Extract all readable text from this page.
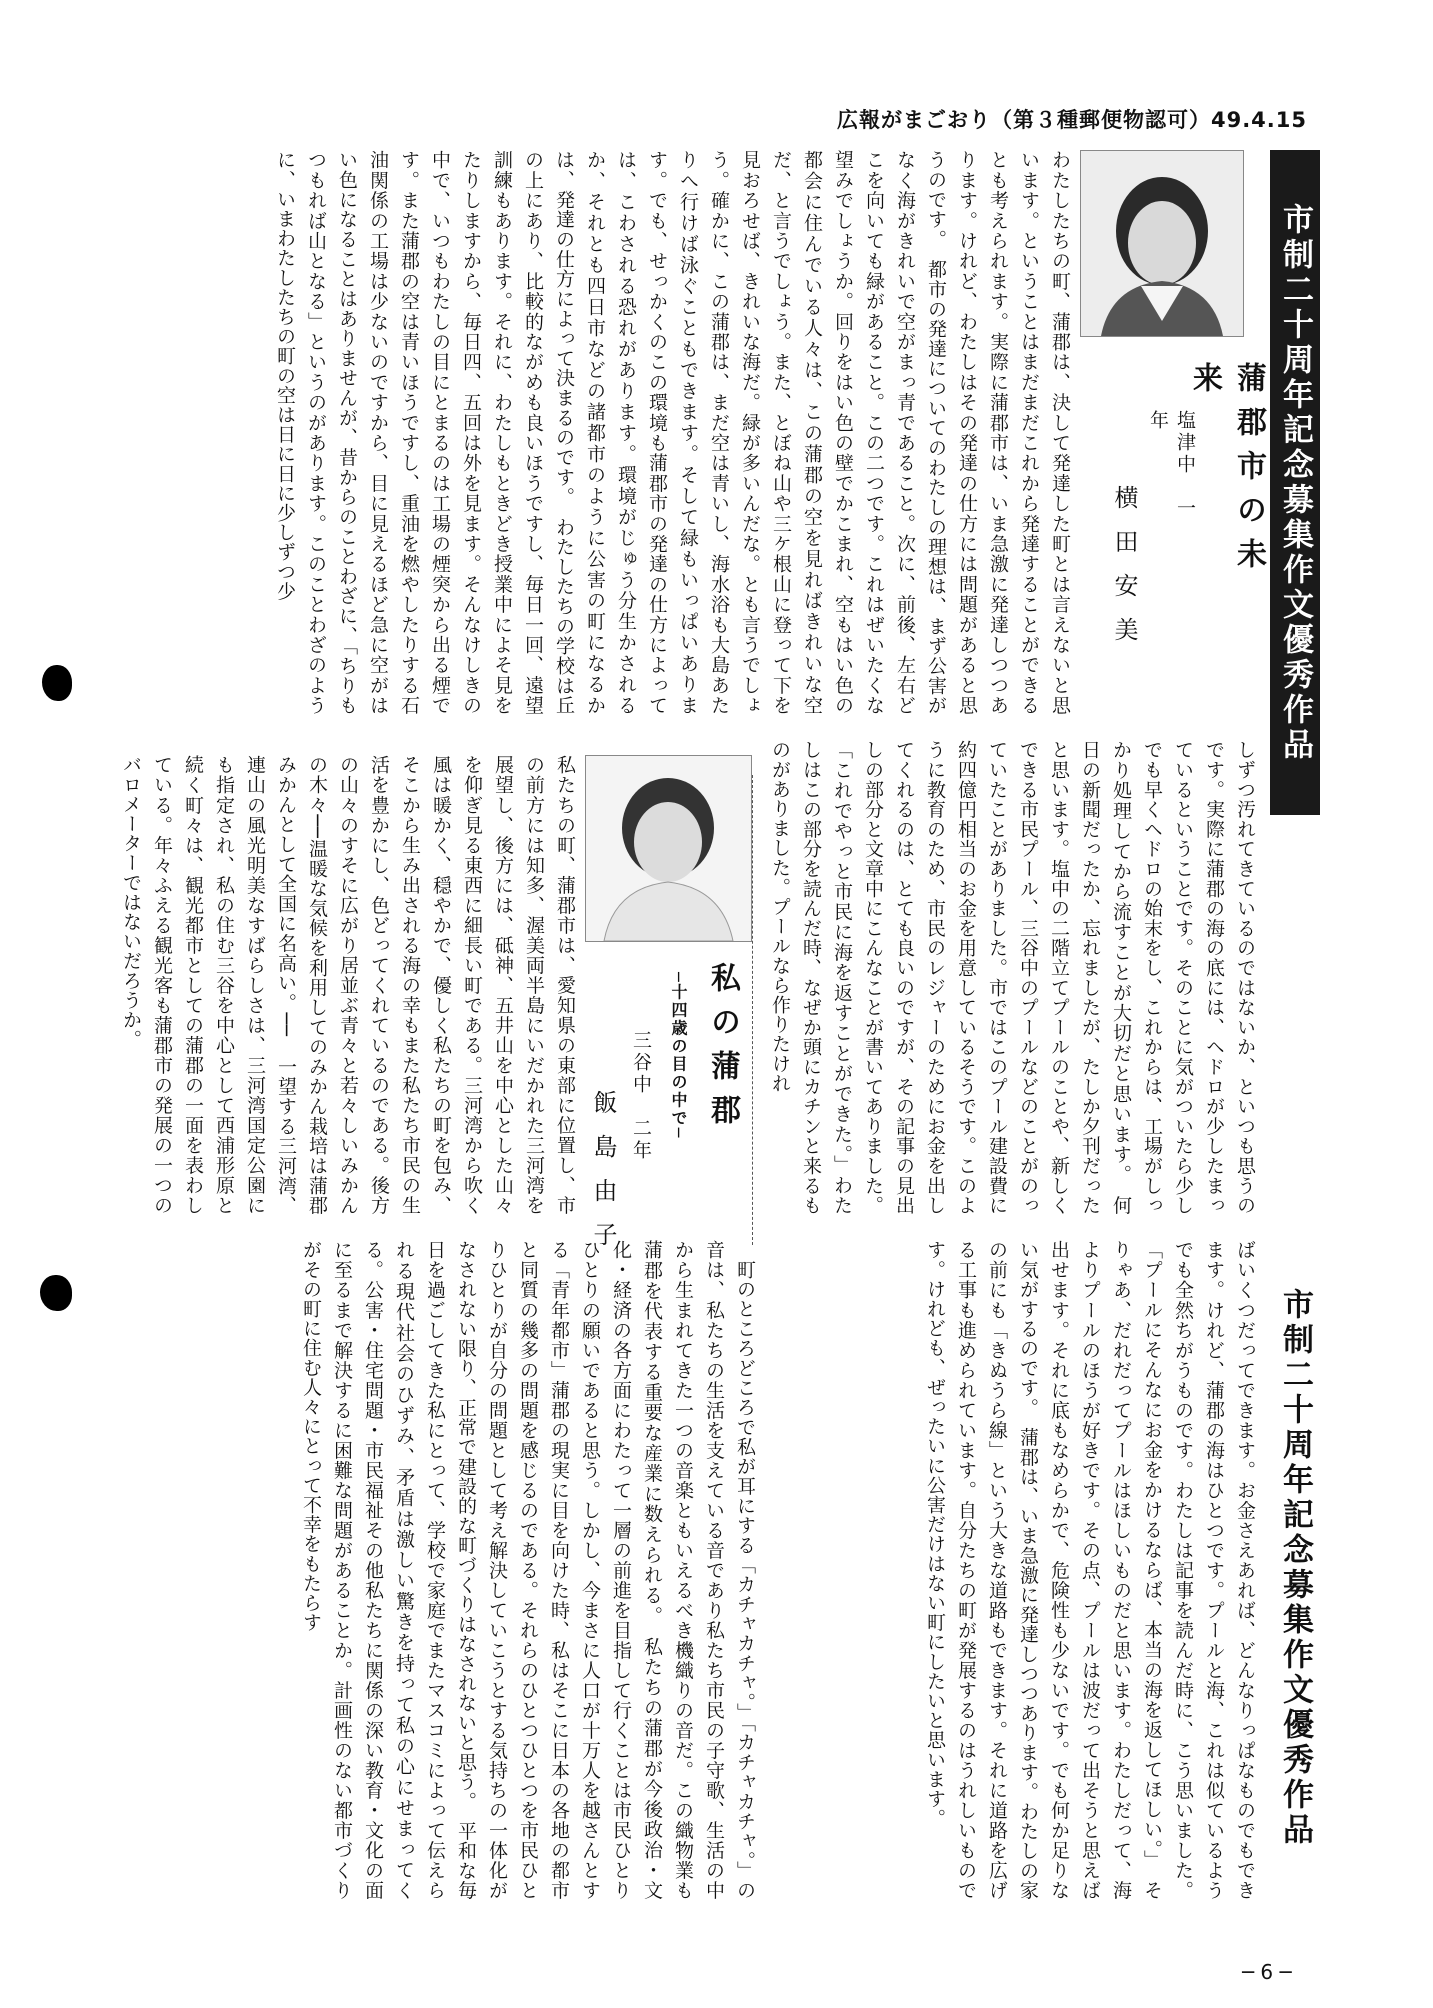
広報がまごおり（第３種郵便物認可）49.4.15
市制二十周年記念募集作文優秀作品
市制二十周年記念募集作文優秀作品
蒲郡市の未来
塩津中　一年
横田安美
わたしたちの町、蒲郡は、決して発達した町とは言えないと思います。ということはまだまだこれから発達することができるとも考えられます。実際に蒲郡市は、いま急激に発達しつつあります。けれど、わたしはその発達の仕方には問題があると思うのです。　都市の発達についてのわたしの理想は、まず公害がなく海がきれいで空がまっ青であること。次に、前後、左右どこを向いても緑があること。この二つです。これはぜいたくな望みでしょうか。回りをはい色の壁でかこまれ、空もはい色の都会に住んでいる人々は、この蒲郡の空を見ればきれいな空だ、と言うでしょう。また、とぼね山や三ケ根山に登って下を見おろせば、きれいな海だ。緑が多いんだな。とも言うでしょう。確かに、この蒲郡は、まだ空は青いし、海水浴も大島あたりへ行けば泳ぐこともできます。そして緑もいっぱいあります。でも、せっかくのこの環境も蒲郡市の発達の仕方によっては、こわされる恐れがあります。環境がじゅう分生かされるか、それとも四日市などの諸都市のように公害の町になるかは、発達の仕方によって決まるのです。　わたしたちの学校は丘の上にあり、比較的ながめも良いほうですし、毎日一回、遠望訓練もあります。それに、わたしもときどき授業中によそ見をたりしますから、毎日四、五回は外を見ます。そんなけしきの中で、いつもわたしの目にとまるのは工場の煙突から出る煙です。また蒲郡の空は青いほうですし、重油を燃やしたりする石油関係の工場は少ないのですから、目に見えるほど急に空がはい色になることはありませんが、昔からのことわざに、「ちりもつもれば山となる」というのがあります。このことわざのように、いまわたしたちの町の空は日に日に少しずつ少
しずつ汚れてきているのではないか、といつも思うのです。実際に蒲郡の海の底には、ヘドロが少したまっているということです。そのことに気がついたら少しでも早くヘドロの始末をし、これからは、工場がしっかり処理してから流すことが大切だと思います。　何日の新聞だったか、忘れましたが、たしか夕刊だったと思います。塩中の二階立てプールのことや、新しくできる市民プール、三谷中のプールなどのことがのっていたことがありました。市ではこのプール建設費に約四億円相当のお金を用意しているそうです。このように教育のため、市民のレジャーのためにお金を出してくれるのは、とても良いのですが、その記事の見出しの部分と文章中にこんなことが書いてありました。「これでやっと市民に海を返すことができた。」わたしはこの部分を読んだ時、なぜか頭にカチンと来るものがありました。プールなら作りたけれ
ばいくつだってできます。お金さえあれば、どんなりっぱなものでもできます。けれど、蒲郡の海はひとつです。プールと海、これは似ているようでも全然ちがうものです。わたしは記事を読んだ時に、こう思いました。「プールにそんなにお金をかけるならば、本当の海を返してほしい。」　そりゃあ、だれだってプールはほしいものだと思います。わたしだって、海よりプールのほうが好きです。その点、プールは波だって出そうと思えば出せます。それに底もなめらかで、危険性も少ないです。でも何か足りない気がするのです。　蒲郡は、いま急激に発達しつつあります。わたしの家の前にも「きぬうら線」という大きな道路もできます。それに道路を広げる工事も進められています。自分たちの町が発展するのはうれしいものです。けれども、ぜったいに公害だけはない町にしたいと思います。
私の蒲郡
─十四歳の目の中で─
三谷中　二年
飯島由子
私たちの町、蒲郡市は、愛知県の東部に位置し、市の前方には知多、渥美両半島にいだかれた三河湾を展望し、後方には、砥神、五井山を中心とした山々を仰ぎ見る東西に細長い町である。三河湾から吹く風は暖かく、穏やかで、優しく私たちの町を包み、そこから生み出される海の幸もまた私たち市民の生活を豊かにし、色どってくれているのである。後方の山々のすそに広がり居並ぶ青々と若々しいみかんの木々──温暖な気候を利用してのみかん栽培は蒲郡みかんとして全国に名高い。──　一望する三河湾、連山の風光明美なすばらしさは、三河湾国定公園にも指定され、私の住む三谷を中心として西浦形原と続く町々は、観光都市としての蒲郡の一面を表わしている。年々ふえる観光客も蒲郡市の発展の一つのバロメーターではないだろうか。
　町のところどころで私が耳にする「カチャカチャ。」「カチャカチャ。」の音は、私たちの生活を支えている音であり私たち市民の子守歌、生活の中から生まれてきた一つの音楽ともいえるべき機織りの音だ。この織物業も蒲郡を代表する重要な産業に数えられる。　私たちの蒲郡が今後政治・文化・経済の各方面にわたって一層の前進を目指して行くことは市民ひとりひとりの願いであると思う。しかし、今まさに人口が十万人を越さんとする「青年都市」蒲郡の現実に目を向けた時、私はそこに日本の各地の都市と同質の幾多の問題を感じるのである。それらのひとつひとつを市民ひとりひとりが自分の問題として考え解決していこうとする気持ちの一体化がなされない限り、正常で建設的な町づくりはなされないと思う。　平和な毎日を過ごしてきた私にとって、学校で家庭でまたマスコミによって伝えられる現代社会のひずみ、矛盾は激しい驚きを持って私の心にせまってくる。公害・住宅問題・市民福祉その他私たちに関係の深い教育・文化の面に至るまで解決するに困難な問題があることか。計画性のない都市づくりがその町に住む人々にとって不幸をもたらす
─ 6 ─
